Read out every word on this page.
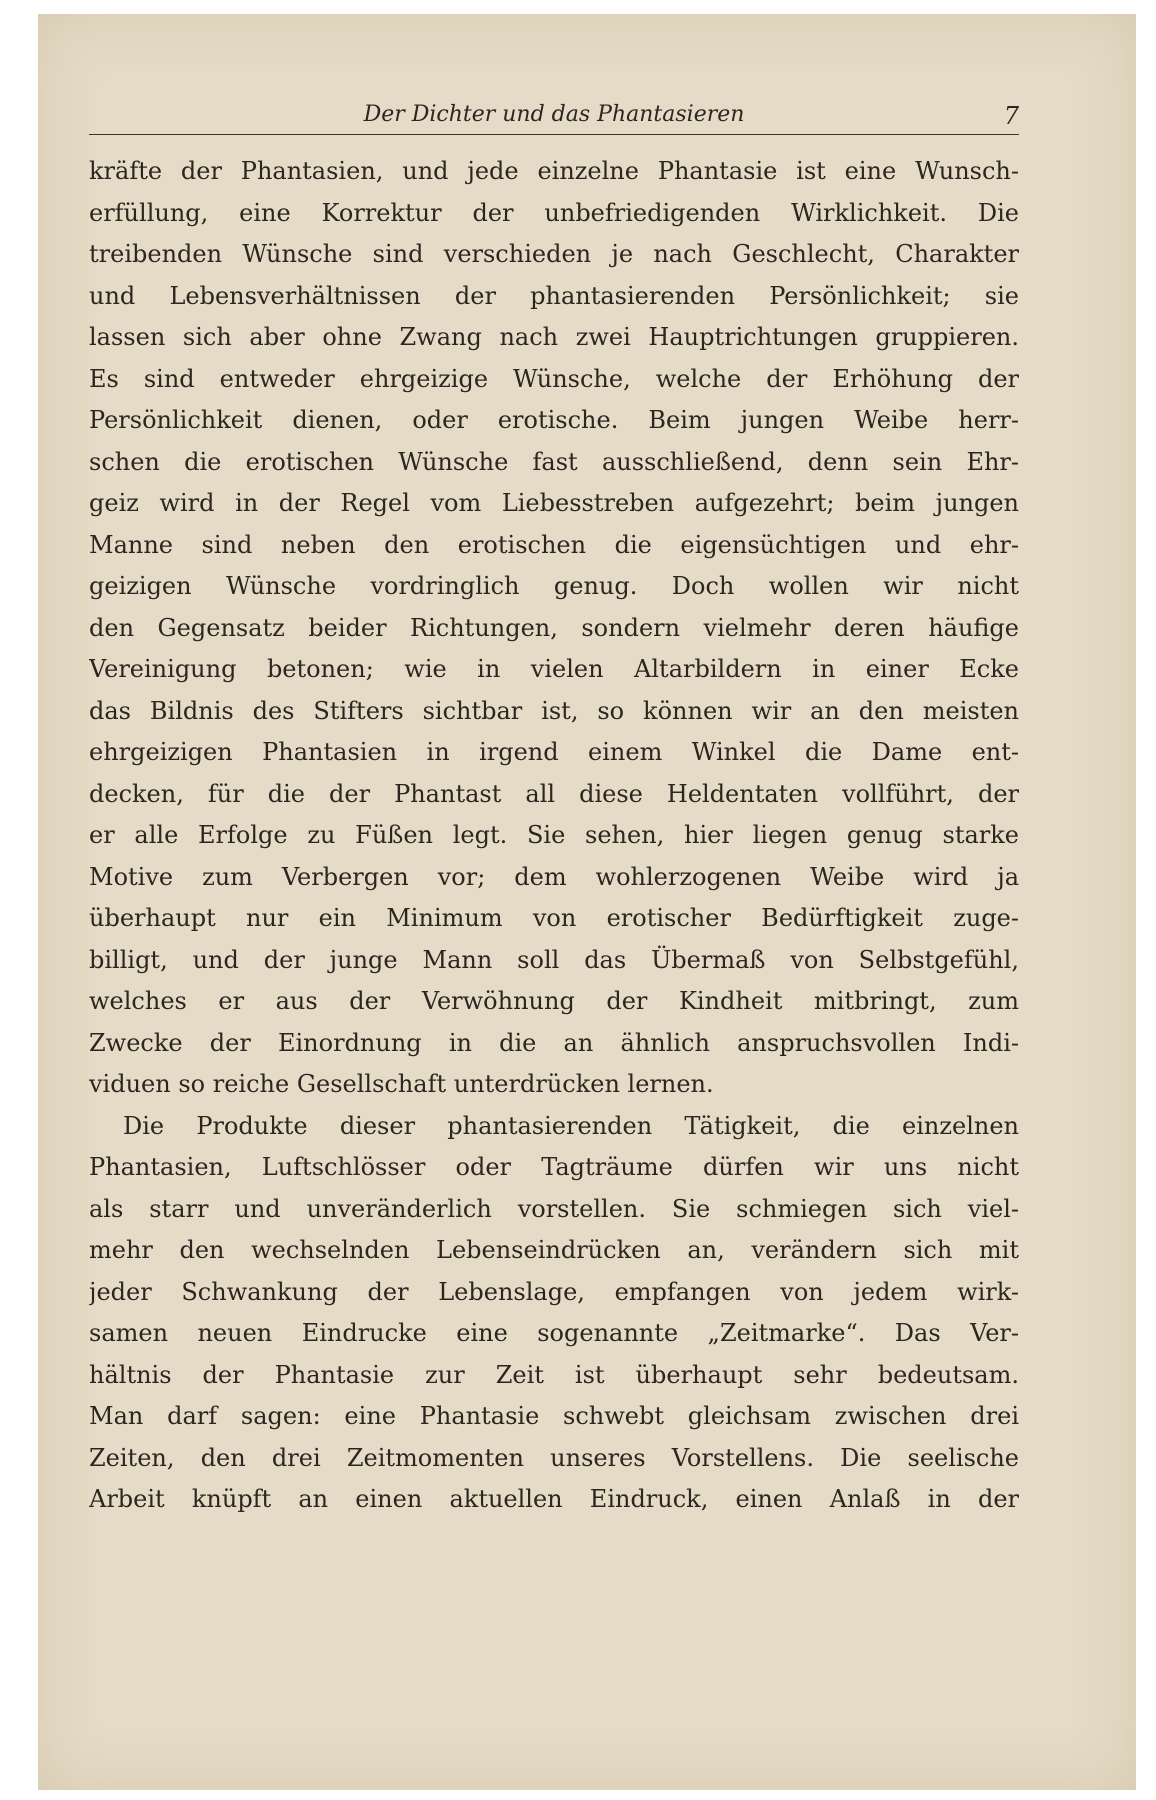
Der Dichter und das Phantasieren	7
kräfte der Phantasien, und jede einzelne Phantasie ist eine Wunsch-
erfüllung, eine Korrektur der unbefriedigenden Wirklichkeit. Die
treibenden Wünsche sind verschieden je nach Geschlecht, Charakter
und Lebensverhältnissen der phantasierenden Persönlichkeit; sie
lassen sich aber ohne Zwang nach zwei Hauptrichtungen gruppieren.
Es sind entweder ehrgeizige Wünsche, welche der Erhöhung der
Persönlichkeit dienen, oder erotische. Beim jungen Weibe herr-
schen die erotischen Wünsche fast ausschließend, denn sein Ehr-
geiz wird in der Regel vom Liebesstreben aufgezehrt; beim jungen
Manne sind neben den erotischen die eigensüchtigen und ehr-
geizigen Wünsche vordringlich genug. Doch wollen wir nicht
den Gegensatz beider Richtungen, sondern vielmehr deren häufige
Vereinigung betonen; wie in vielen Altarbildern in einer Ecke
das Bildnis des Stifters sichtbar ist, so können wir an den meisten
ehrgeizigen Phantasien in irgend einem Winkel die Dame ent-
decken, für die der Phantast all diese Heldentaten vollführt, der
er alle Erfolge zu Füßen legt. Sie sehen, hier liegen genug starke
Motive zum Verbergen vor; dem wohlerzogenen Weibe wird ja
überhaupt nur ein Minimum von erotischer Bedürftigkeit zuge-
billigt, und der junge Mann soll das Übermaß von Selbstgefühl,
welches er aus der Verwöhnung der Kindheit mitbringt, zum
Zwecke der Einordnung in die an ähnlich anspruchsvollen Indi-
viduen so reiche Gesellschaft unterdrücken lernen.
Die Produkte dieser phantasierenden Tätigkeit, die einzelnen
Phantasien, Luftschlösser oder Tagträume dürfen wir uns nicht
als starr und unveränderlich vorstellen. Sie schmiegen sich viel-
mehr den wechselnden Lebenseindrücken an, verändern sich mit
jeder Schwankung der Lebenslage, empfangen von jedem wirk-
samen neuen Eindrucke eine sogenannte „Zeitmarke“. Das Ver-
hältnis der Phantasie zur Zeit ist überhaupt sehr bedeutsam.
Man darf sagen: eine Phantasie schwebt gleichsam zwischen drei
Zeiten, den drei Zeitmomenten unseres Vorstellens. Die seelische
Arbeit knüpft an einen aktuellen Eindruck, einen Anlaß in der
